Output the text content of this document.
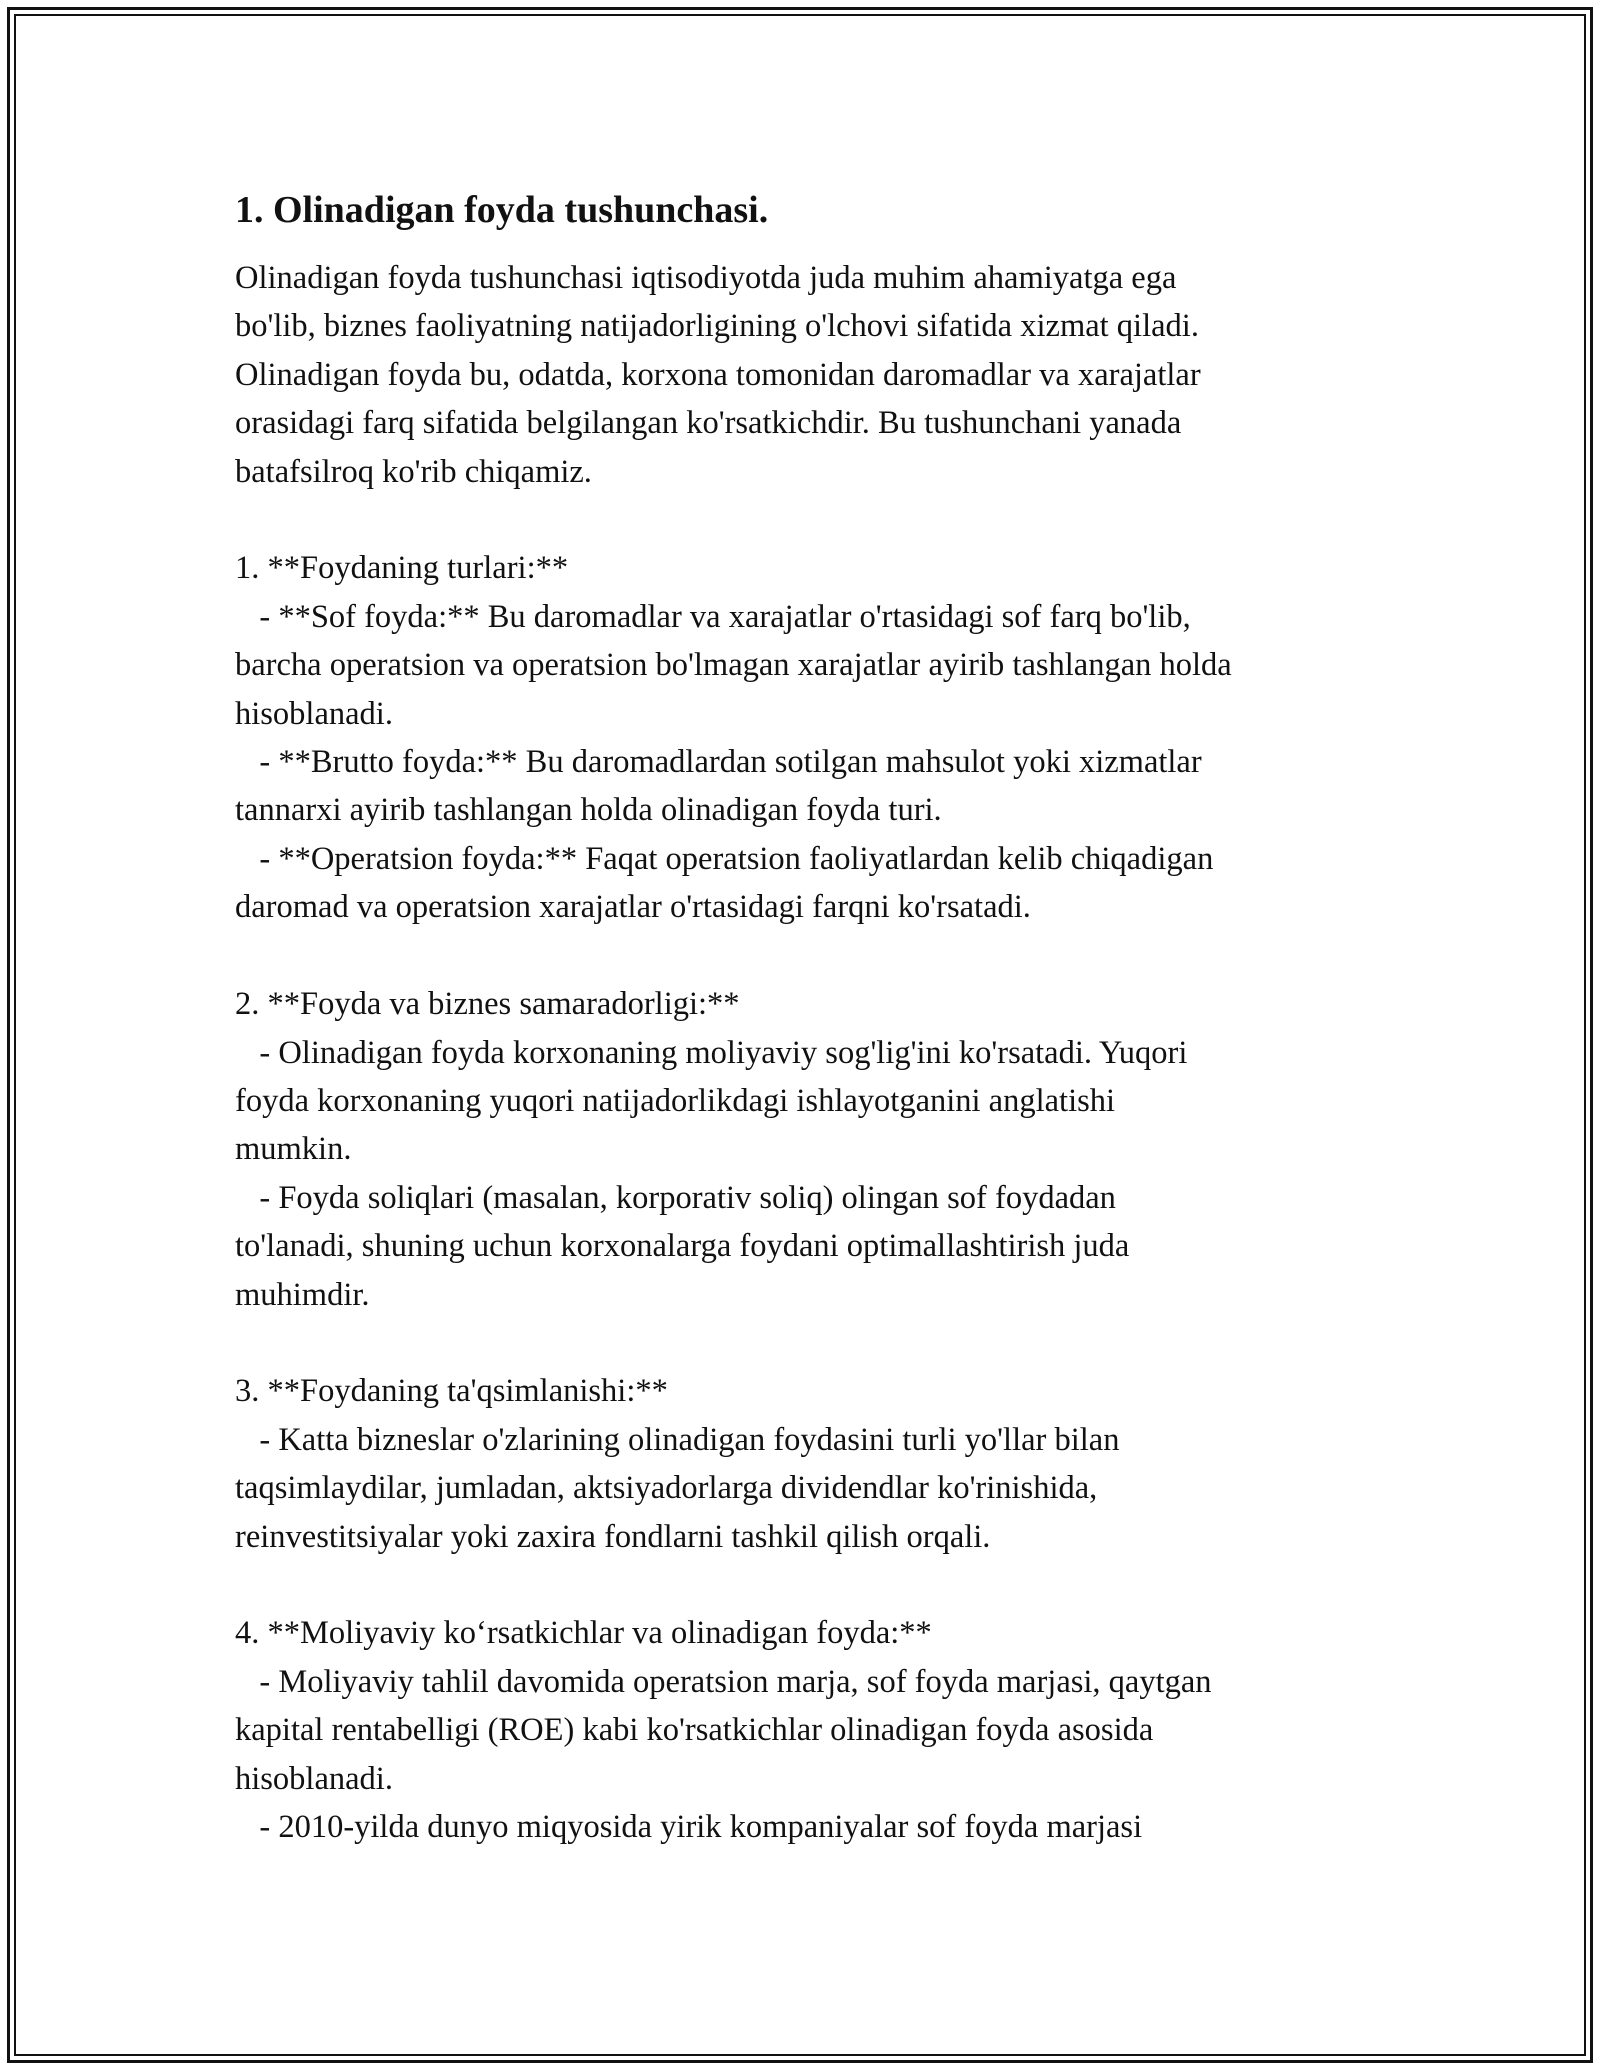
1. Olinadigan foyda tushunchasi.
Olinadigan foyda tushunchasi iqtisodiyotda juda muhim ahamiyatga ega
bo'lib, biznes faoliyatning natijadorligining o'lchovi sifatida xizmat qiladi.
Olinadigan foyda bu, odatda, korxona tomonidan daromadlar va xarajatlar
orasidagi farq sifatida belgilangan ko'rsatkichdir. Bu tushunchani yanada
batafsilroq ko'rib chiqamiz.

1. **Foydaning turlari:**
- **Sof foyda:** Bu daromadlar va xarajatlar o'rtasidagi sof farq bo'lib,
barcha operatsion va operatsion bo'lmagan xarajatlar ayirib tashlangan holda
hisoblanadi.
- **Brutto foyda:** Bu daromadlardan sotilgan mahsulot yoki xizmatlar
tannarxi ayirib tashlangan holda olinadigan foyda turi.
- **Operatsion foyda:** Faqat operatsion faoliyatlardan kelib chiqadigan
daromad va operatsion xarajatlar o'rtasidagi farqni ko'rsatadi.

2. **Foyda va biznes samaradorligi:**
- Olinadigan foyda korxonaning moliyaviy sog'lig'ini ko'rsatadi. Yuqori
foyda korxonaning yuqori natijadorlikdagi ishlayotganini anglatishi
mumkin.
- Foyda soliqlari (masalan, korporativ soliq) olingan sof foydadan
to'lanadi, shuning uchun korxonalarga foydani optimallashtirish juda
muhimdir.

3. **Foydaning ta'qsimlanishi:**
- Katta bizneslar o'zlarining olinadigan foydasini turli yo'llar bilan
taqsimlaydilar, jumladan, aktsiyadorlarga dividendlar ko'rinishida,
reinvestitsiyalar yoki zaxira fondlarni tashkil qilish orqali.

4. **Moliyaviy ko‘rsatkichlar va olinadigan foyda:**
- Moliyaviy tahlil davomida operatsion marja, sof foyda marjasi, qaytgan
kapital rentabelligi (ROE) kabi ko'rsatkichlar olinadigan foyda asosida
hisoblanadi.
- 2010-yilda dunyo miqyosida yirik kompaniyalar sof foyda marjasi
